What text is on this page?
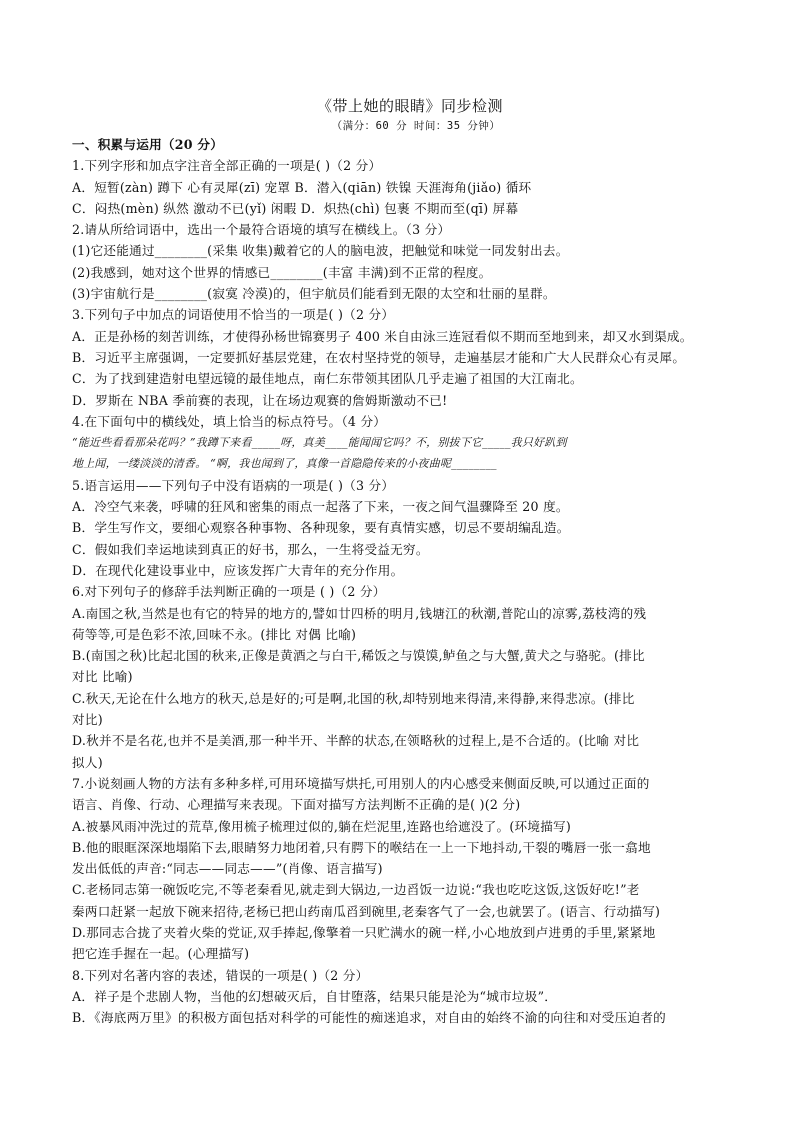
《带上她的眼睛》同步检测
（满分：60 分 时间：35 分钟）
一、积累与运用（20 分）
1.下列字形和加点字注音全部正确的一项是( )（2 分）
A．短暂(zàn) 蹲下 心有灵犀(zī) 宠罩 B．潜入(qiān) 铁镍 天涯海角(jiǎo) 循环
C．闷热(mèn) 纵然 激动不已(yǐ) 闲暇 D．炽热(chì) 包裹 不期而至(qī) 屏幕
2.请从所给词语中，选出一个最符合语境的填写在横线上。（3 分）
(1)它还能通过________(采集 收集)戴着它的人的脑电波，把触觉和味觉一同发射出去。
(2)我感到，她对这个世界的情感已________(丰富 丰满)到不正常的程度。
(3)宇宙航行是________(寂寞 冷漠)的，但宇航员们能看到无限的太空和壮丽的星群。
3.下列句子中加点的词语使用不恰当的一项是( )（2 分）
A．正是孙杨的刻苦训练，才使得孙杨世锦赛男子 400 米自由泳三连冠看似不期而至地到来，却又水到渠成。
B．习近平主席强调，一定要抓好基层党建，在农村坚持党的领导，走遍基层才能和广大人民群众心有灵犀。
C．为了找到建造射电望远镜的最佳地点，南仁东带领其团队几乎走遍了祖国的大江南北。
D．罗斯在 NBA 季前赛的表现，让在场边观赛的詹姆斯激动不已!
4.在下面句中的横线处，填上恰当的标点符号。（4 分）
“能近些看看那朵花吗？”我蹲下来看_____呀，真美____能闻闻它吗？不，别拔下它_____我只好趴到
地上闻，一缕淡淡的清香。 “啊，我也闻到了，真像一首隐隐传来的小夜曲呢________
5.语言运用——下列句子中没有语病的一项是( )（3 分）
A．冷空气来袭，呼啸的狂风和密集的雨点一起落了下来，一夜之间气温骤降至 20 度。
B．学生写作文，要细心观察各种事物、各种现象，要有真情实感，切忌不要胡编乱造。
C．假如我们幸运地读到真正的好书，那么，一生将受益无穷。
D．在现代化建设事业中，应该发挥广大青年的充分作用。
6.对下列句子的修辞手法判断正确的一项是 ( )（2 分）
A.南国之秋,当然是也有它的特异的地方的,譬如廿四桥的明月,钱塘江的秋潮,普陀山的凉雾,荔枝湾的残
荷等等,可是色彩不浓,回味不永。(排比 对偶 比喻)
B.(南国之秋)比起北国的秋来,正像是黄酒之与白干,稀饭之与馍馍,鲈鱼之与大蟹,黄犬之与骆驼。(排比
对比 比喻)
C.秋天,无论在什么地方的秋天,总是好的;可是啊,北国的秋,却特别地来得清,来得静,来得悲凉。(排比
对比)
D.秋并不是名花,也并不是美酒,那一种半开、半醉的状态,在领略秋的过程上,是不合适的。(比喻 对比
拟人)
7.小说刻画人物的方法有多种多样,可用环境描写烘托,可用别人的内心感受来侧面反映,可以通过正面的
语言、肖像、行动、心理描写来表现。下面对描写方法判断不正确的是( )(2 分)
A.被暴风雨冲洗过的荒草,像用梳子梳理过似的,躺在烂泥里,连路也给遮没了。(环境描写)
B.他的眼眶深深地塌陷下去,眼睛努力地闭着,只有腭下的喉结在一上一下地抖动,干裂的嘴唇一张一翕地
发出低低的声音:“同志——同志——”(肖像、语言描写)
C.老杨同志第一碗饭吃完,不等老秦看见,就走到大锅边,一边舀饭一边说:“我也吃吃这饭,这饭好吃!”老
秦两口赶紧一起放下碗来招待,老杨已把山药南瓜舀到碗里,老秦客气了一会,也就罢了。(语言、行动描写)
D.那同志合拢了夹着火柴的党证,双手捧起,像擎着一只贮满水的碗一样,小心地放到卢进勇的手里,紧紧地
把它连手握在一起。(心理描写)
8.下列对名著内容的表述，错误的一项是( )（2 分）
A．祥子是个悲剧人物，当他的幻想破灭后，自甘堕落，结果只能是沦为“城市垃圾”．
B．《海底两万里》的积极方面包括对科学的可能性的痴迷追求，对自由的始终不渝的向往和对受压迫者的
